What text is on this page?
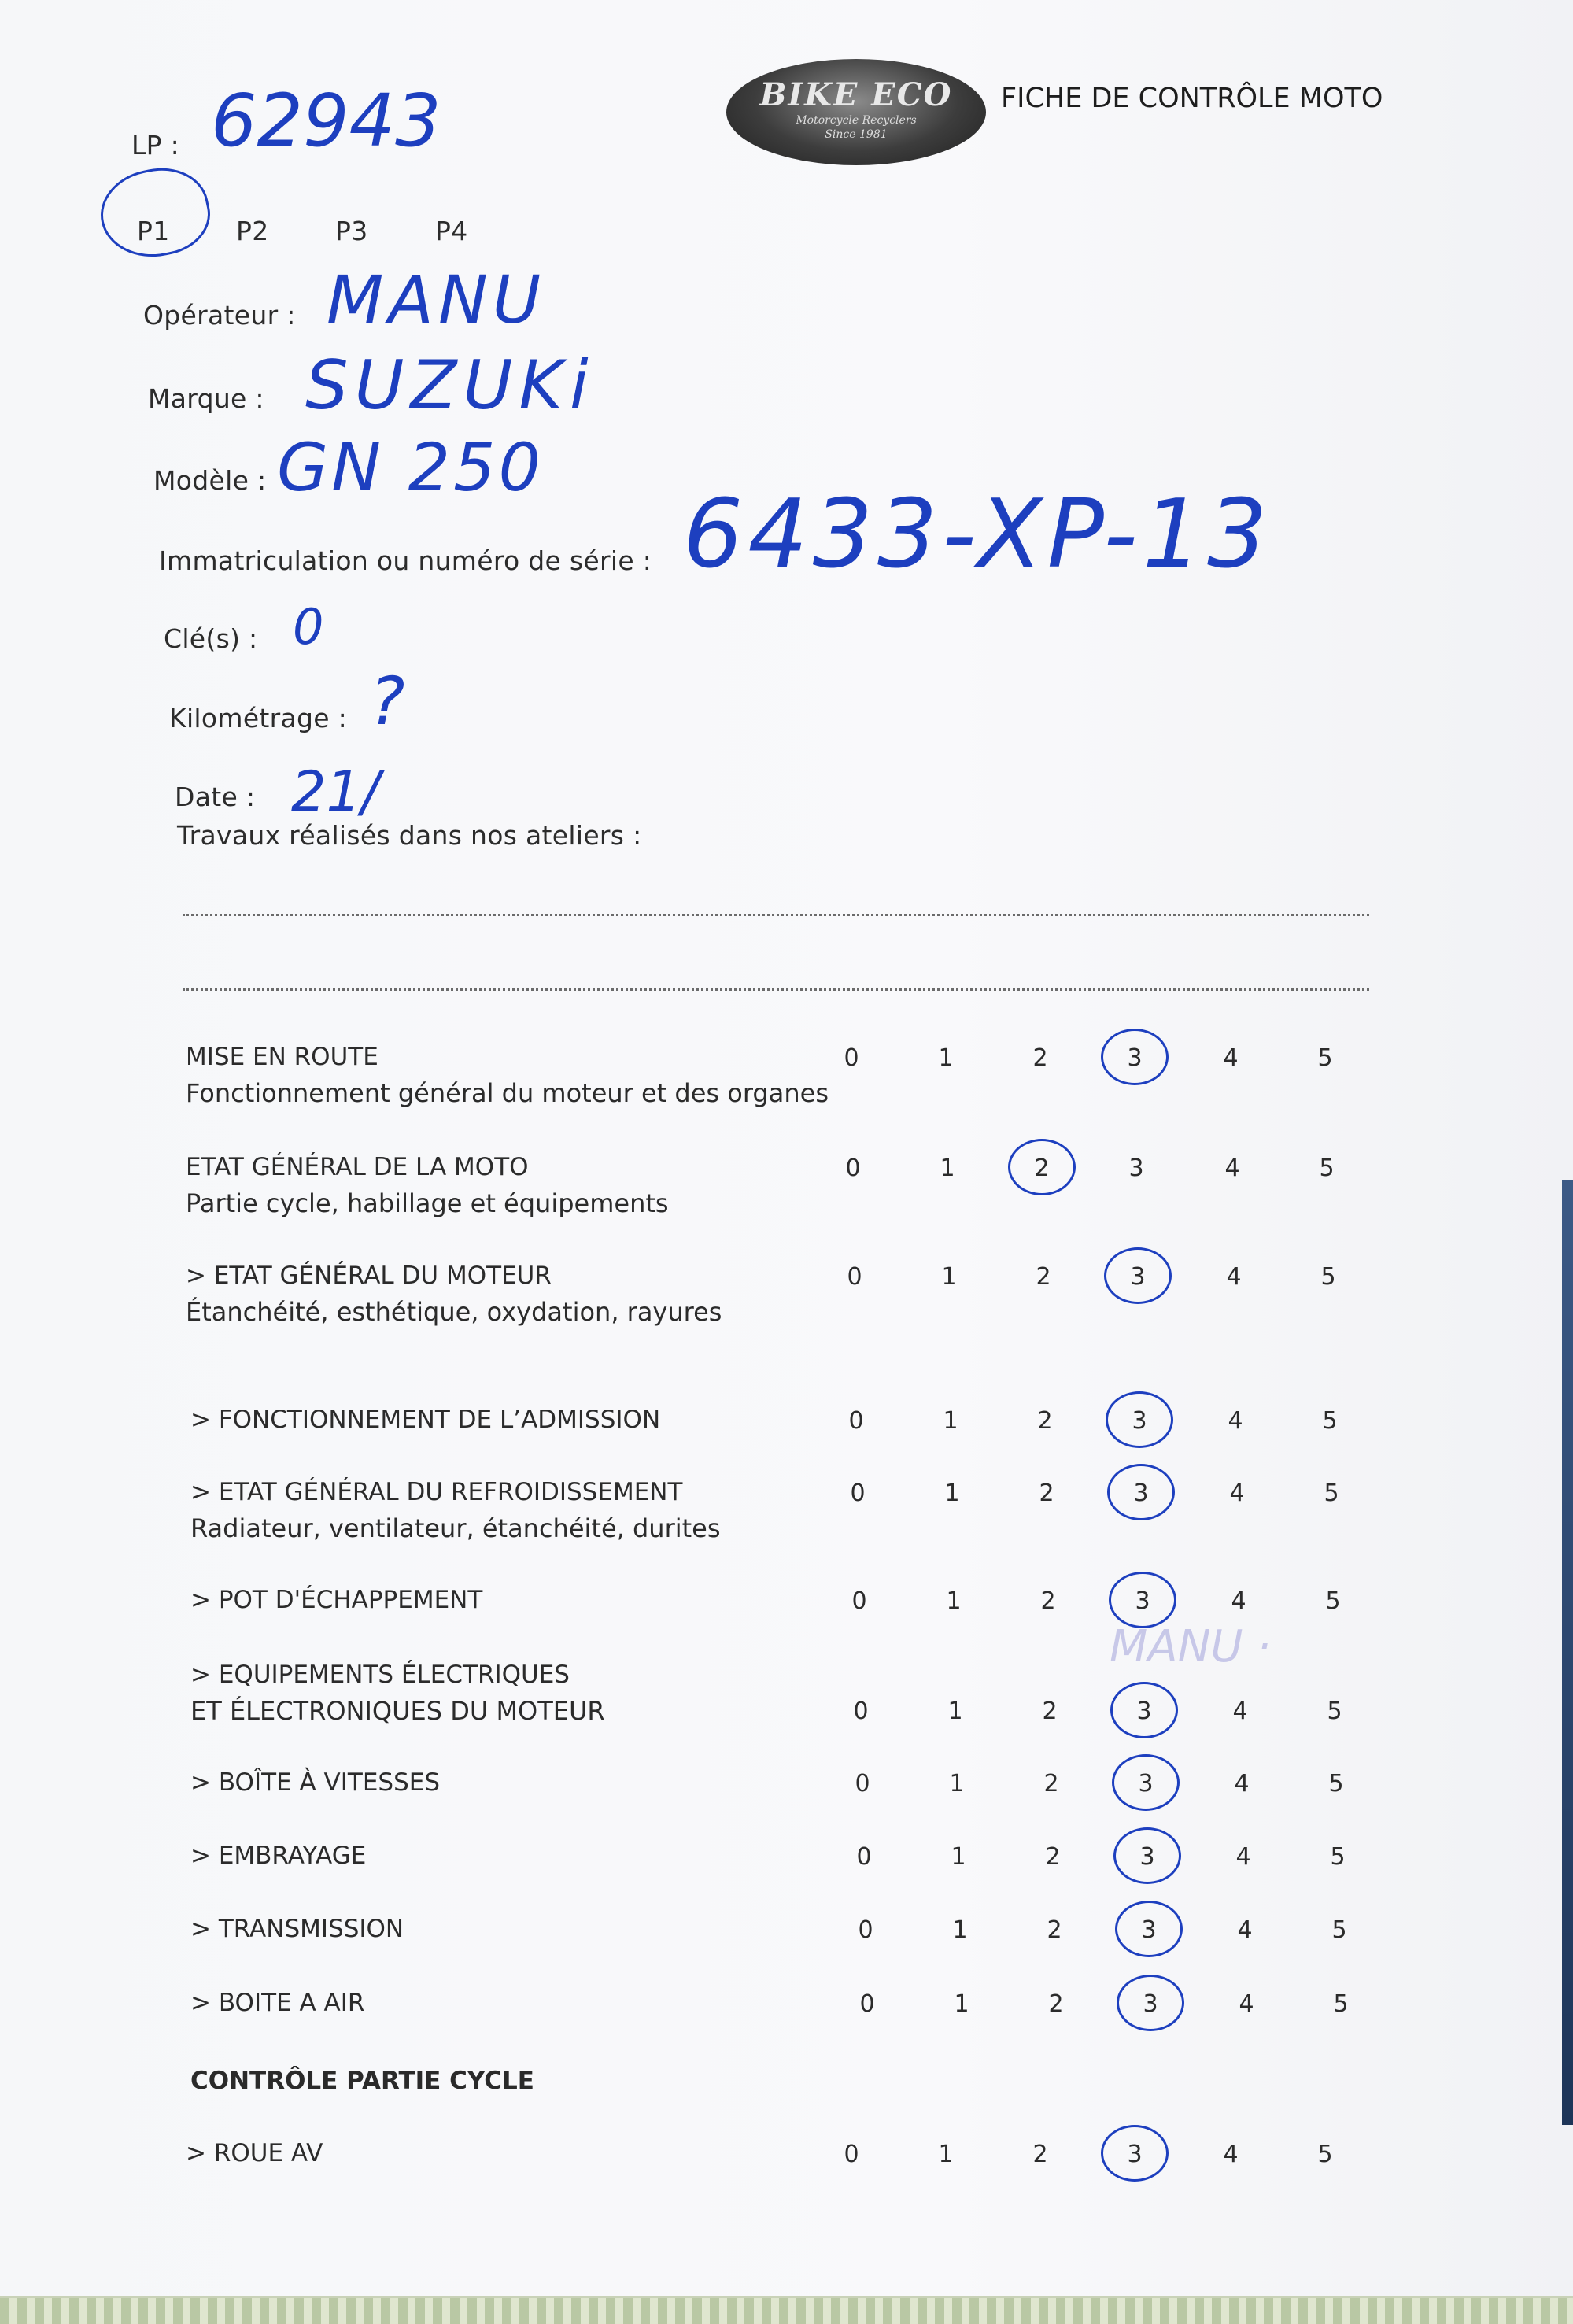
BIKE ECO
Motorcycle Recyclers
Since 1981
FICHE DE CONTRÔLE MOTO
LP : 62943
P1	P2	P3	P4
Opérateur : MANU
Marque : SUZUKi
Modèle : GN 250
Immatriculation ou numéro de série : 6433-XP-13
Clé(s) : 0
Kilométrage : ?
Date : 21/
Travaux réalisés dans nos ateliers :
MANU ·
MISE EN ROUTE
Fonctionnement général du moteur et des organes
0	1	2	3	4	5
ETAT GÉNÉRAL DE LA MOTO
Partie cycle, habillage et équipements
0	1	2	3	4	5
> ETAT GÉNÉRAL DU MOTEUR
Étanchéité, esthétique, oxydation, rayures
0	1	2	3	4	5
> FONCTIONNEMENT DE L’ADMISSION	0	1	2	3	4	5
> ETAT GÉNÉRAL DU REFROIDISSEMENT
Radiateur, ventilateur, étanchéité, durites
0	1	2	3	4	5
> POT D'ÉCHAPPEMENT	0	1	2	3	4	5
> EQUIPEMENTS ÉLECTRIQUES
ET ÉLECTRONIQUES DU MOTEUR	0	1	2	3	4	5
> BOÎTE À VITESSES	0	1	2	3	4	5
> EMBRAYAGE	0	1	2	3	4	5
> TRANSMISSION	0	1	2	3	4	5
> BOITE A AIR	0	1	2	3	4	5
CONTRÔLE PARTIE CYCLE
> ROUE AV	0	1	2	3	4	5
